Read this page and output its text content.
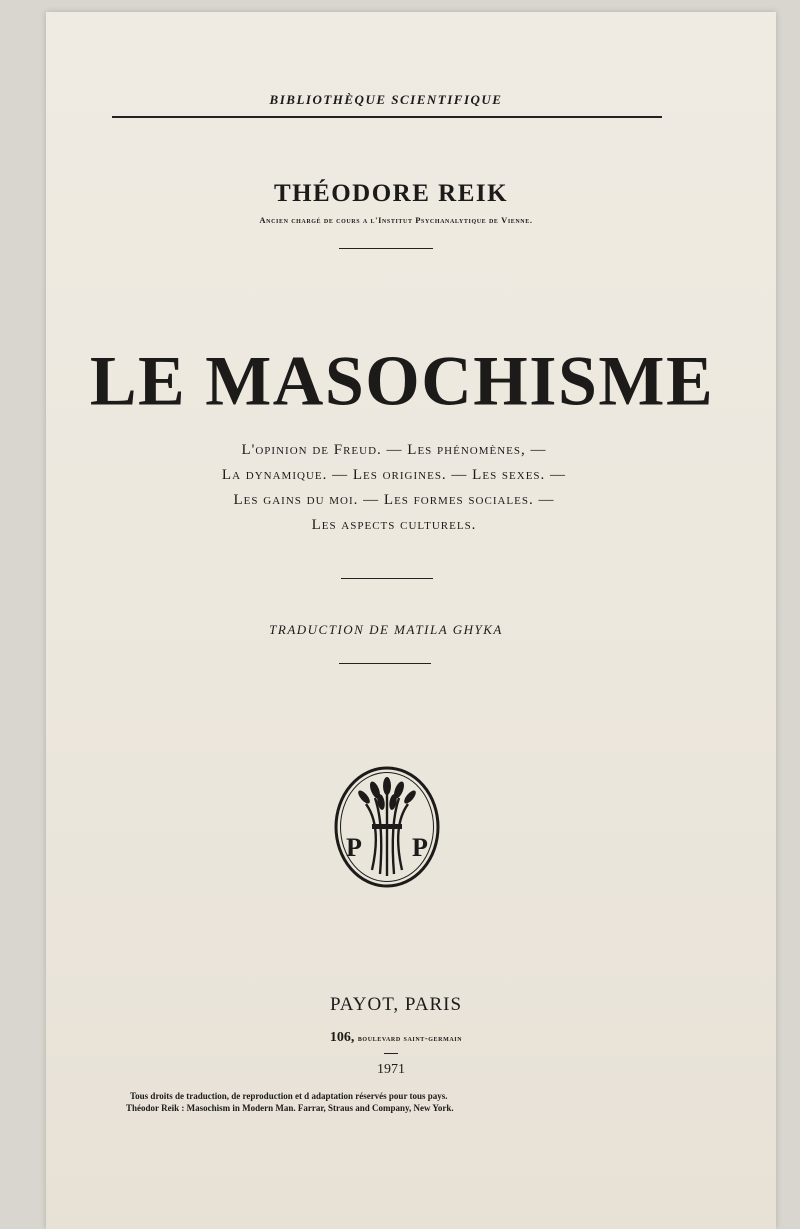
BIBLIOTHÈQUE SCIENTIFIQUE
THÉODORE REIK
Ancien chargé de cours a l'Institut Psychanalytique de Vienne.
LE MASOCHISME
L'opinion de Freud. — Les phénomènes, —
La dynamique. — Les origines. — Les sexes. —
Les gains du moi. — Les formes sociales. —
Les aspects culturels.
TRADUCTION DE MATILA GHYKA
P P
PAYOT, PARIS
106, boulevard saint-germain
1971
Tous droits de traduction, de reproduction et d adaptation réservés pour tous pays.
Théodor Reik : Masochism in Modern Man. Farrar, Straus and Company, New York.
